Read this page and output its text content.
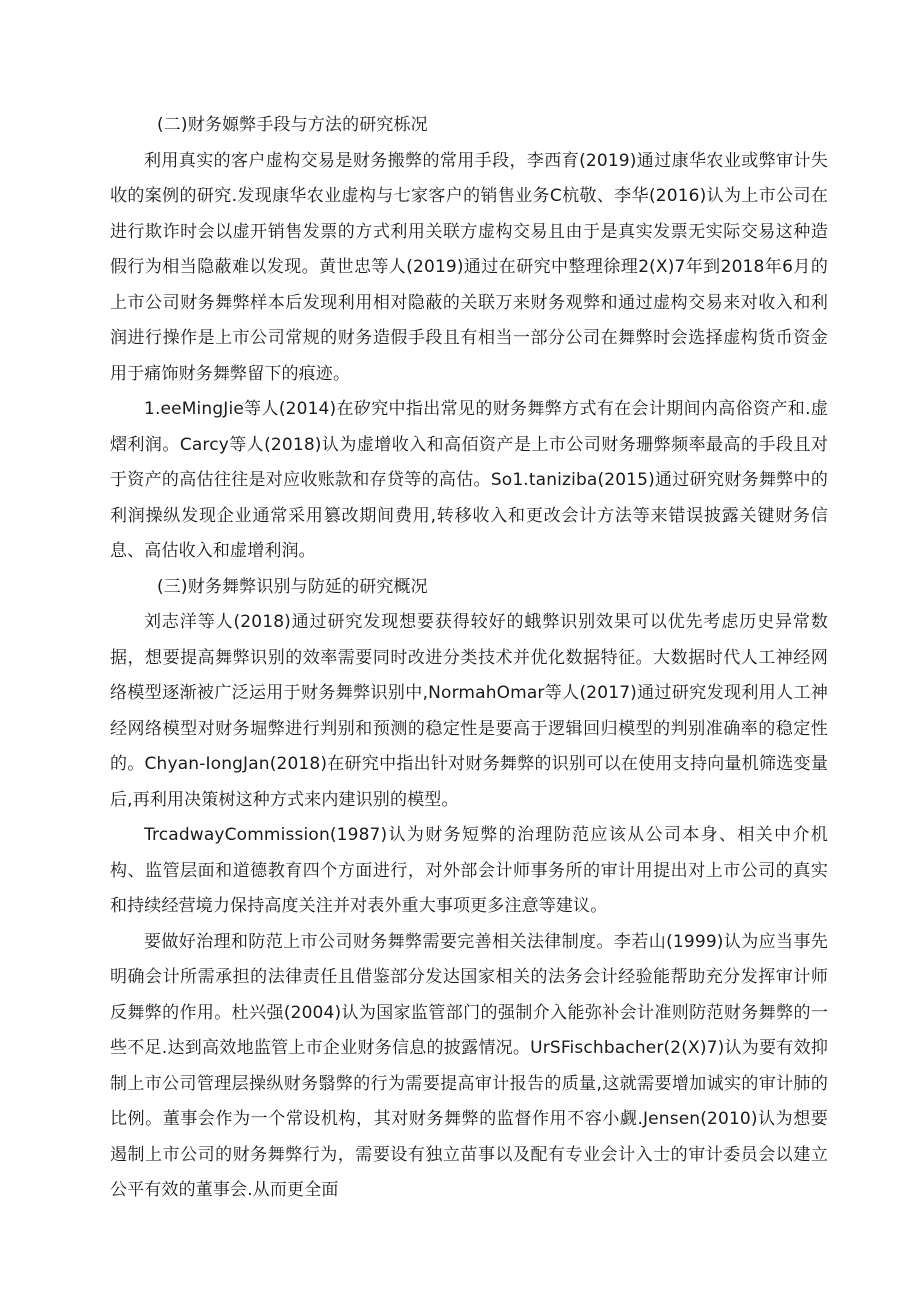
(二)财务嫄弊手段与方法的研究栎况

利用真实的客户虚构交易是财务搬弊的常用手段，李西育(2019)通过康华农业或弊审计失收的案例的研究.发现康华农业虚构与七家客户的销售业务C杭敬、李华(2016)认为上市公司在进行欺诈时会以虚开销售发票的方式利用关联方虚构交易且由于是真实发票无实际交易这种造假行为相当隐蔽难以发现。黄世忠等人(2019)通过在研究中整理徐理2(X)7年到2018年6月的上市公司财务舞弊样本后发现利用相对隐蔽的关联万来财务观弊和通过虚构交易来对收入和利润进行操作是上市公司常规的财务造假手段且有相当一部分公司在舞弊时会选择虚构货币资金用于痛饰财务舞弊留下的痕迹。

1.eeMingJie等人(2014)在矽究中指出常见的财务舞弊方式有在会计期间内高俗资产和.虚熠利润。Carcy等人(2018)认为虚增收入和高佰资产是上市公司财务珊弊频率最高的手段且对于资产的高估往往是对应收账款和存贷等的高估。So1.taniziba(2015)通过研究财务舞弊中的利润操纵发现企业通常采用篡改期间费用,转移收入和更改会计方法等来错误披露关键财务信息、高估收入和虚增利润。

(三)财务舞弊识别与防延的研究概况

刘志洋等人(2018)通过研究发现想要获得较好的蛾弊识别效果可以优先考虑历史异常数据，想要提高舞弊识别的效率需要同时改进分类技术并优化数据特征。大数据时代人工神经网络模型逐渐被广泛运用于财务舞弊识别中,NormahOmar等人(2017)通过研究发现利用人工神经网络模型对财务堀弊进行判别和预测的稳定性是要高于逻辑回归模型的判别准确率的稳定性的。Chyan-IongJan(2018)在研究中指出针对财务舞弊的识别可以在使用支持向量机筛选变量后,再利用决策树这种方式来内建识别的模型。

TrcadwayCommission(1987)认为财务短弊的治理防范应该从公司本身、相关中介机构、监管层面和道德教育四个方面进行，对外部会计师事务所的审计用提出对上市公司的真实和持续经营境力保持高度关注并对表外重大事项更多注意等建议。

要做好治理和防范上市公司财务舞弊需要完善相关法律制度。李若山(1999)认为应当事先明确会计所需承担的法律责任且借鉴部分发达国家相关的法务会计经验能帮助充分发挥审计师反舞弊的作用。杜兴强(2004)认为国家监管部门的强制介入能弥补会计准则防范财务舞弊的一些不足.达到高效地监管上市企业财务信息的披露情况。UrSFischbacher(2(X)7)认为要有效抑制上市公司管理层操纵财务翳弊的行为需要提高审计报告的质量,这就需要增加诚实的审计肺的比例。董事会作为一个常设机构，其对财务舞弊的监督作用不容小觑.Jensen(2010)认为想要遏制上市公司的财务舞弊行为，需要设有独立苗事以及配有专业会计入士的审计委员会以建立公平有效的董事会.从而更全面
